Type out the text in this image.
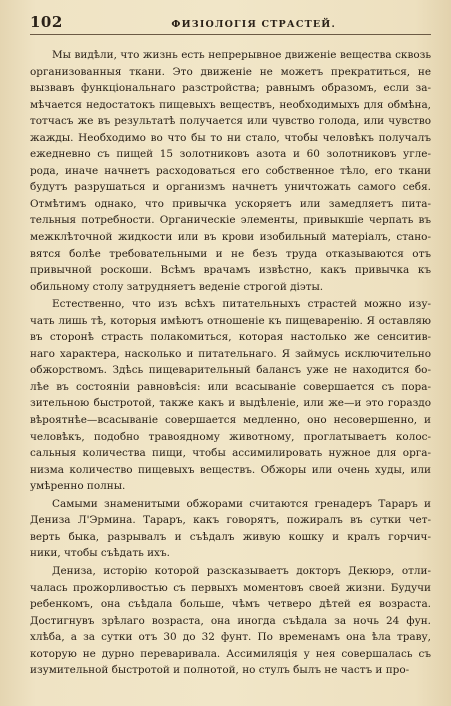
102	ФИЗІОЛОГІЯ СТРАСТЕЙ.
Мы видѣли, что жизнь есть непрерывное движеніе вещества сквозь
организованныя ткани. Это движеніе не можетъ прекратиться, не
вызвавъ функціональнаго разстройства; равнымъ образомъ, если за-
мѣчается недостатокъ пищевыхъ веществъ, необходимыхъ для обмѣна,
тотчасъ же въ результатѣ получается или чувство голода, или чувство
жажды. Необходимо во что бы то ни стало, чтобы человѣкъ получалъ
ежедневно съ пищей 15 золотниковъ азота и 60 золотниковъ угле-
рода, иначе начнетъ расходоваться его собственное тѣло, его ткани
будутъ разрушаться и организмъ начнетъ уничтожать самого себя.
Отмѣтимъ однако, что привычка ускоряетъ или замедляетъ пита-
тельныя потребности. Органическіе элементы, привыкшіе черпать въ
межклѣточной жидкости или въ крови изобильный матеріалъ, стано-
вятся болѣе требовательными и не безъ труда отказываются отъ
привычной роскоши. Всѣмъ врачамъ извѣстно, какъ привычка къ
обильному столу затрудняетъ веденіе строгой діэты.
Естественно, что изъ всѣхъ питательныхъ страстей можно изу-
чать лишь тѣ, которыя имѣютъ отношеніе къ пищеваренію. Я оставляю
въ сторонѣ страсть полакомиться, которая настолько же сенситив-
наго характера, насколько и питательнаго. Я займусь исключительно
обжорствомъ. Здѣсь пищеварительный балансъ уже не находится бо-
лѣе въ состояніи равновѣсія: или всасываніе совершается съ пора-
зительною быстротой, также какъ и выдѣленіе, или же—и это гораздо
вѣроятнѣе—всасываніе совершается медленно, оно несовершенно, и
человѣкъ, подобно травоядному животному, проглатываетъ колос-
сальныя количества пищи, чтобы ассимилировать нужное для орга-
низма количество пищевыхъ веществъ. Обжоры или очень худы, или
умѣренно полны.
Самыми знаменитыми обжорами считаются гренадеръ Тараръ и
Дениза Л'Эрмина. Тараръ, какъ говорятъ, пожиралъ въ сутки чет-
верть быка, разрывалъ и съѣдалъ живую кошку и кралъ горчич-
ники, чтобы съѣдать ихъ.
Дениза, исторію которой разсказываетъ докторъ Декюрэ, отли-
чалась прожорливостью съ первыхъ моментовъ своей жизни. Будучи
ребенкомъ, она съѣдала больше, чѣмъ четверо дѣтей ея возраста.
Достигнувъ зрѣлаго возраста, она иногда съѣдала за ночь 24 фун.
хлѣба, а за сутки отъ 30 до 32 фунт. По временамъ она ѣла траву,
которую не дурно переваривала. Ассимиляція у нея совершалась съ
изумительной быстротой и полнотой, но стулъ былъ не частъ и про-
